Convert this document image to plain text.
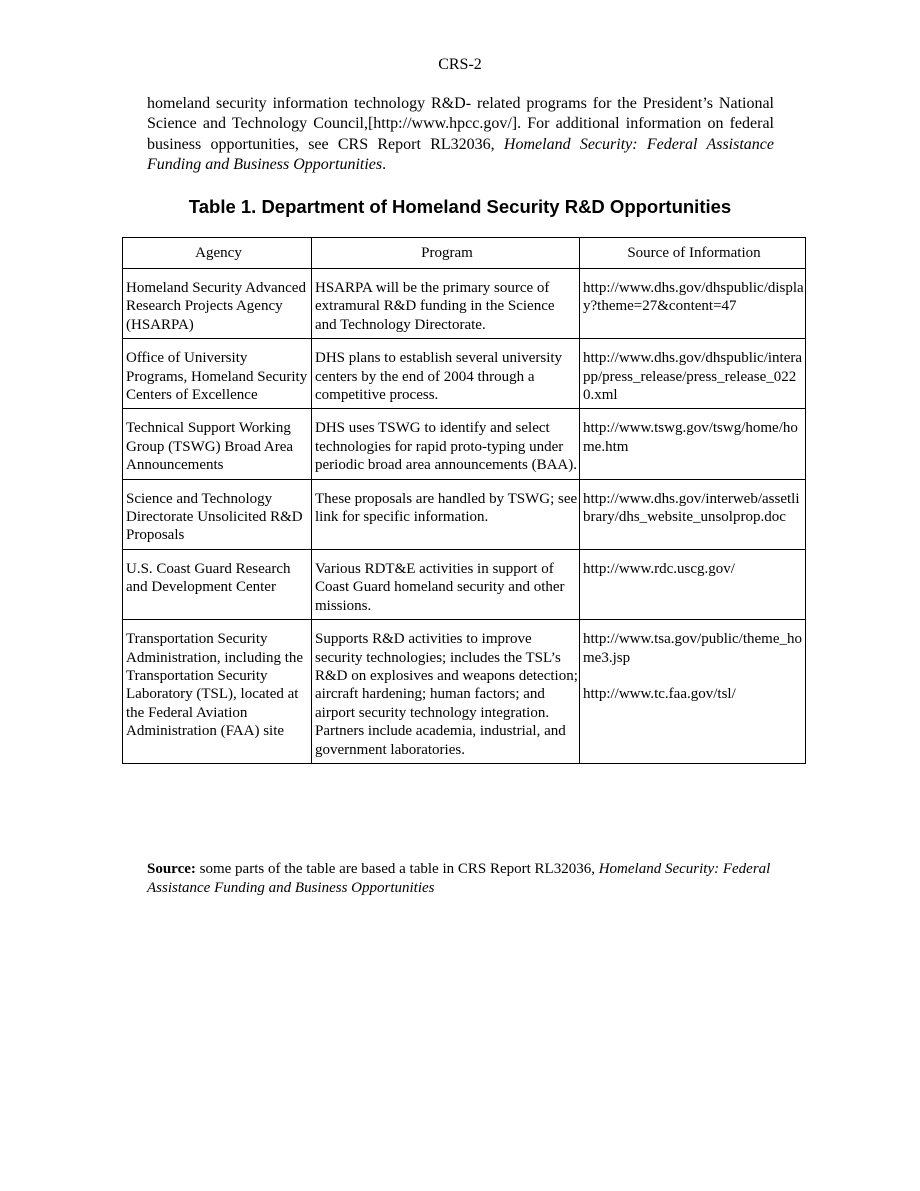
CRS-2

homeland security information technology R&D- related programs for the President’s National Science and Technology Council,[http://www.hpcc.gov/]. For additional information on federal business opportunities, see CRS Report RL32036, Homeland Security: Federal Assistance Funding and Business Opportunities.

Table 1. Department of Homeland Security R&D Opportunities
Agency	Program	Source of Information
Homeland Security Advanced Research Projects Agency (HSARPA)	HSARPA will be the primary source of extramural R&D funding in the Science and Technology Directorate.	http://www.dhs.gov/dhspublic/display?theme=27&content=47

Office of University Programs, Homeland Security Centers of Excellence	DHS plans to establish several university centers by the end of 2004 through a competitive process.	http://www.dhs.gov/dhspublic/interapp/press_release/press_release_0220.xml

Technical Support Working Group (TSWG) Broad Area Announcements	DHS uses TSWG to identify and select technologies for rapid proto-typing under periodic broad area announcements (BAA).	http://www.tswg.gov/tswg/home/home.htm

Science and Technology Directorate Unsolicited R&D Proposals	These proposals are handled by TSWG; see link for specific information.	http://www.dhs.gov/interweb/assetlibrary/dhs_website_unsolprop.doc

U.S. Coast Guard Research and Development Center	Various RDT&E activities in support of Coast Guard homeland security and other missions.	http://www.rdc.uscg.gov/

Transportation Security Administration, including the Transportation Security Laboratory (TSL), located at the Federal Aviation Administration (FAA) site	Supports R&D activities to improve security technologies; includes the TSL’s R&D on explosives and weapons detection; aircraft hardening; human factors; and airport security technology integration. Partners include academia, industrial, and government laboratories.	http://www.tsa.gov/public/theme_home3.jsp
http://www.tc.faa.gov/tsl/

Source: some parts of the table are based a table in CRS Report RL32036, Homeland Security: Federal Assistance Funding and Business Opportunities
